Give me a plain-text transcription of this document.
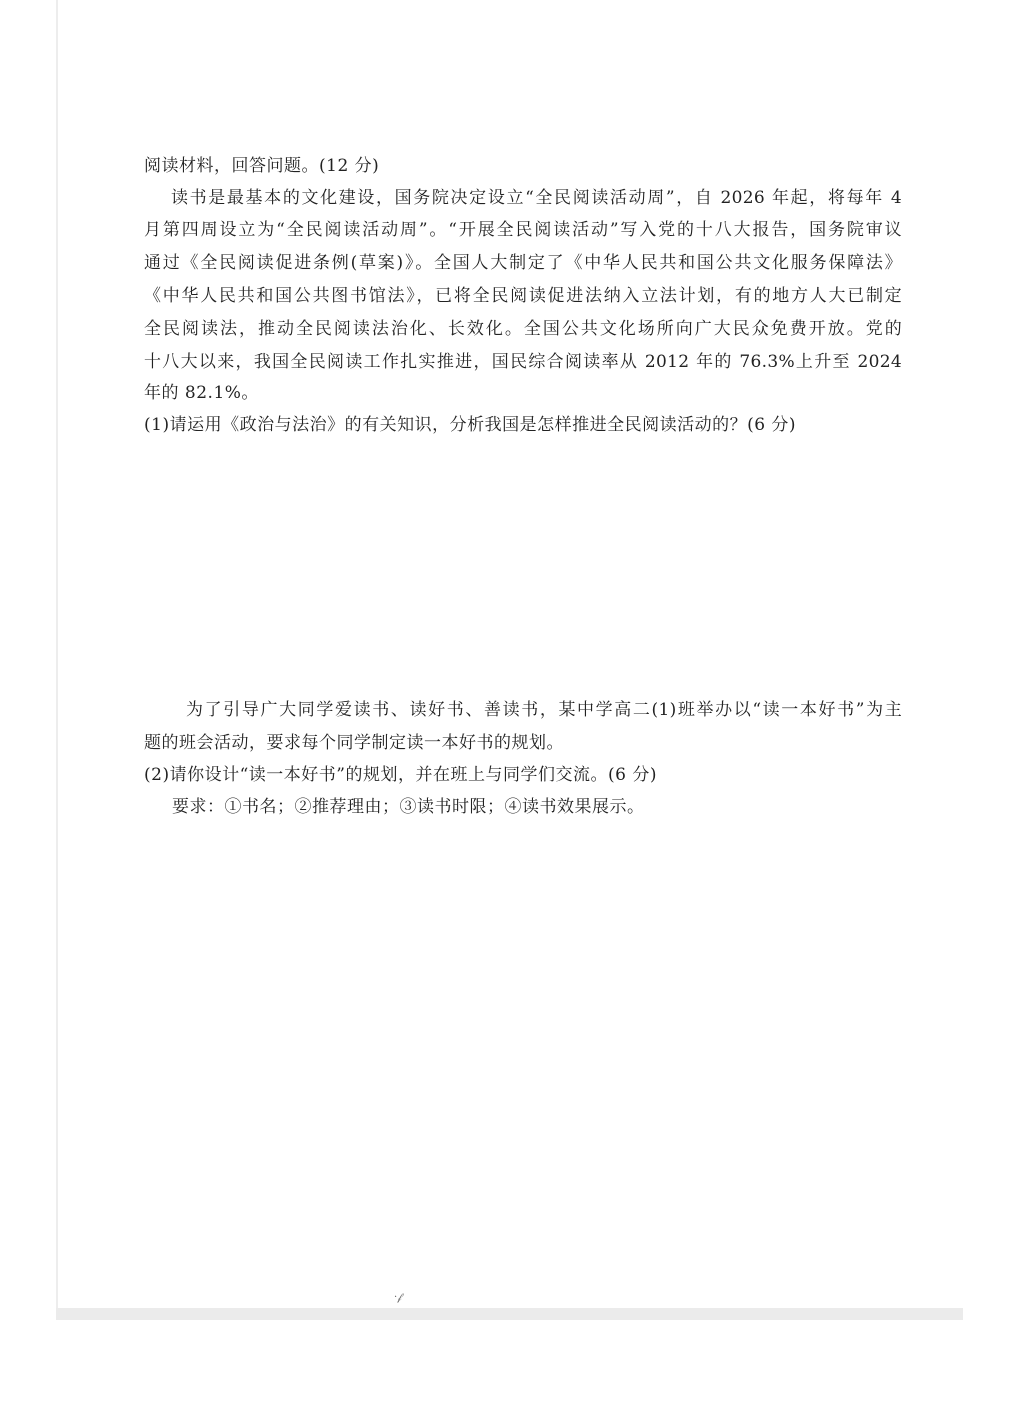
阅读材料，回答问题。(12 分)
读书是最基本的文化建设，国务院决定设立“全民阅读活动周”，自 2026 年起，将每年 4
月第四周设立为“全民阅读活动周”。“开展全民阅读活动”写入党的十八大报告，国务院审议
通过《全民阅读促进条例(草案)》。全国人大制定了《中华人民共和国公共文化服务保障法》
《中华人民共和国公共图书馆法》，已将全民阅读促进法纳入立法计划，有的地方人大已制定
全民阅读法，推动全民阅读法治化、长效化。全国公共文化场所向广大民众免费开放。党的
十八大以来，我国全民阅读工作扎实推进，国民综合阅读率从 2012 年的 76.3%上升至 2024
年的 82.1%。
(1)请运用《政治与法治》的有关知识，分析我国是怎样推进全民阅读活动的？(6 分)
为了引导广大同学爱读书、读好书、善读书，某中学高二(1)班举办以“读一本好书”为主
题的班会活动，要求每个同学制定读一本好书的规划。
(2)请你设计“读一本好书”的规划，并在班上与同学们交流。(6 分)
要求：①书名；②推荐理由；③读书时限；④读书效果展示。
·𝒻
